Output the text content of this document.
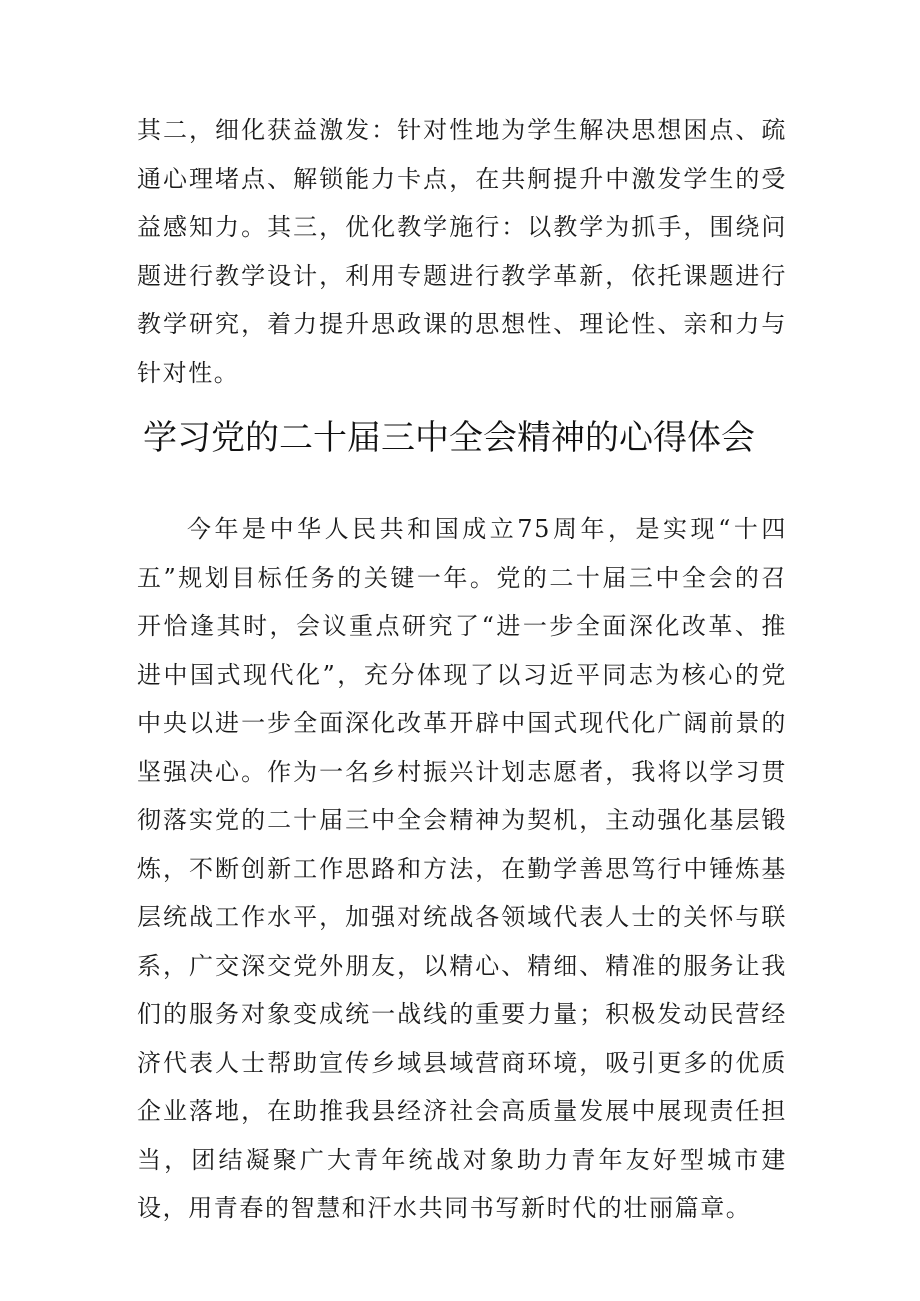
其二，细化获益激发：针对性地为学生解决思想困点、疏通心理堵点、解锁能力卡点，在共舸提升中激发学生的受益感知力。其三，优化教学施行：以教学为抓手，围绕问题进行教学设计，利用专题进行教学革新，依托课题进行教学研究，着力提升思政课的思想性、理论性、亲和力与针对性。

学习党的二十届三中全会精神的心得体会

今年是中华人民共和国成立75周年，是实现“十四五”规划目标任务的关键一年。党的二十届三中全会的召开恰逢其时，会议重点研究了“进一步全面深化改革、推进中国式现代化”，充分体现了以习近平同志为核心的党中央以进一步全面深化改革开辟中国式现代化广阔前景的坚强决心。作为一名乡村振兴计划志愿者，我将以学习贯彻落实党的二十届三中全会精神为契机，主动强化基层锻炼，不断创新工作思路和方法，在勤学善思笃行中锤炼基层统战工作水平，加强对统战各领域代表人士的关怀与联系，广交深交党外朋友，以精心、精细、精准的服务让我们的服务对象变成统一战线的重要力量；积极发动民营经济代表人士帮助宣传乡域县域营商环境，吸引更多的优质企业落地，在助推我县经济社会高质量发展中展现责任担当，团结凝聚广大青年统战对象助力青年友好型城市建设，用青春的智慧和汗水共同书写新时代的壮丽篇章。
